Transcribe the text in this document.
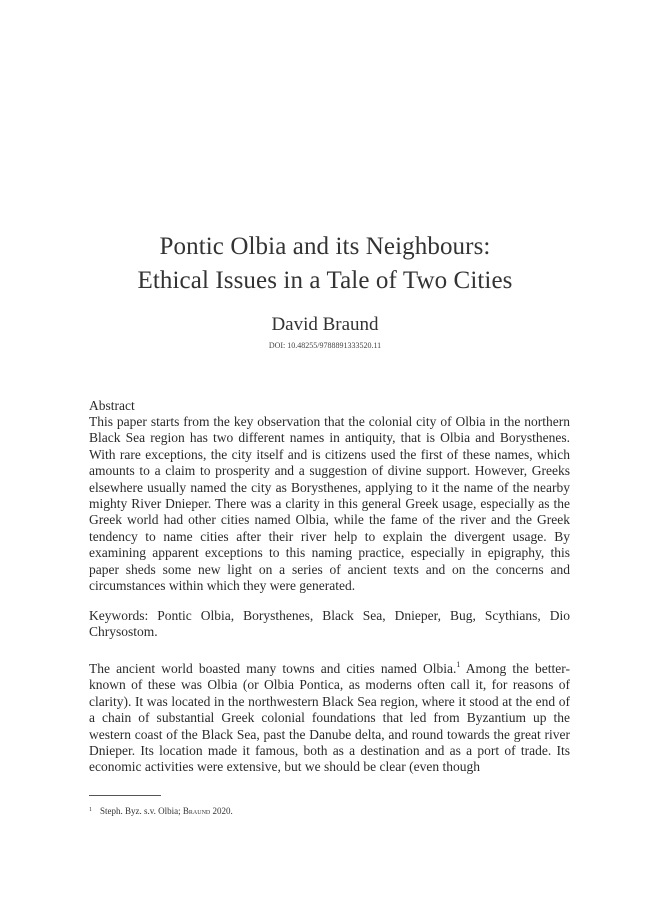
Pontic Olbia and its Neighbours:
Ethical Issues in a Tale of Two Cities
David Braund
DOI: 10.48255/9788891333520.11
Abstract
This paper starts from the key observation that the colonial city of Olbia in the northern Black Sea region has two different names in antiquity, that is Olbia and Borysthenes. With rare exceptions, the city itself and is citizens used the first of these names, which amounts to a claim to prosperity and a suggestion of divine support. However, Greeks elsewhere usually named the city as Borysthenes, applying to it the name of the nearby mighty River Dnieper. There was a clarity in this general Greek usage, especially as the Greek world had other cities named Olbia, while the fame of the river and the Greek tendency to name cities after their river help to explain the divergent usage. By examining apparent exceptions to this naming practice, especially in epigraphy, this paper sheds some new light on a series of ancient texts and on the concerns and circumstances within which they were generated.
Keywords: Pontic Olbia, Borysthenes, Black Sea, Dnieper, Bug, Scythians, Dio Chrysostom.
The ancient world boasted many towns and cities named Olbia.$^1$ Among the better-known of these was Olbia (or Olbia Pontica, as moderns often call it, for reasons of clarity). It was located in the northwestern Black Sea region, where it stood at the end of a chain of substantial Greek colonial foundations that led from Byzantium up the western coast of the Black Sea, past the Danube delta, and round towards the great river Dnieper. Its location made it famous, both as a destination and as a port of trade. Its economic activities were extensive, but we should be clear (even though
$^1$ Steph. Byz. s.v. Olbia; Braund 2020.
